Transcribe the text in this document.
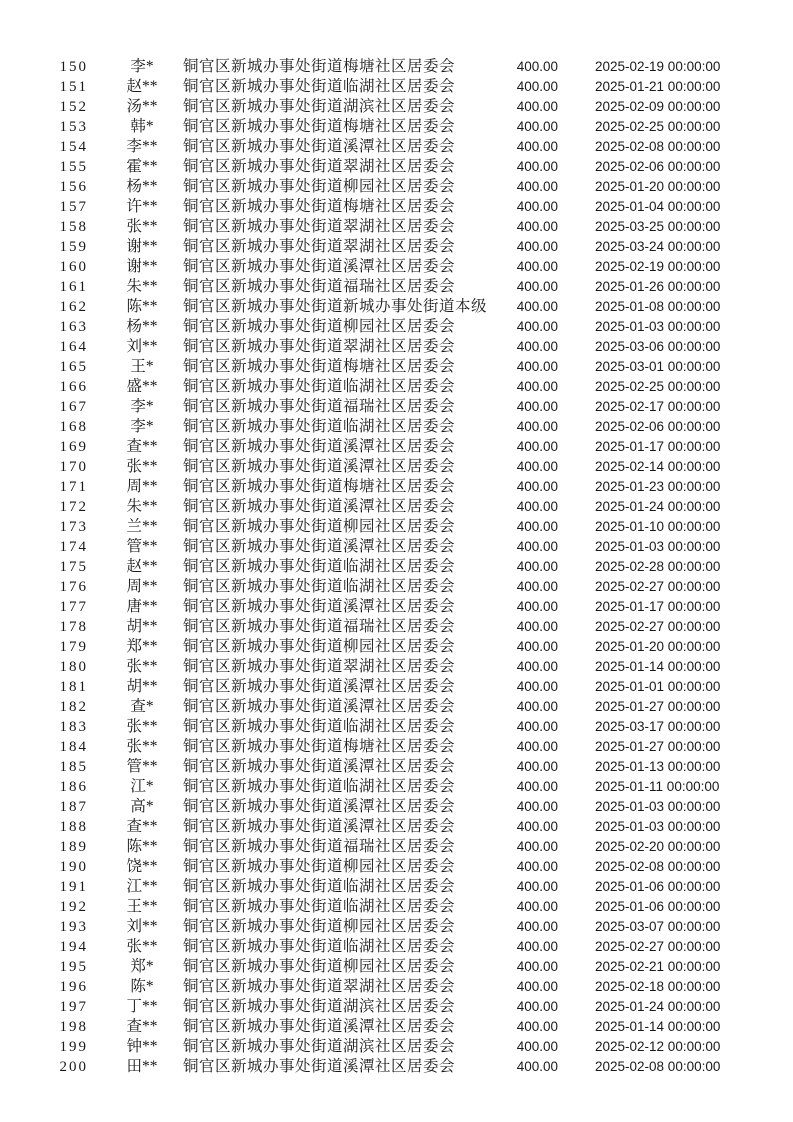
150	李*	铜官区新城办事处街道梅塘社区居委会	400.00	2025-02-19 00:00:00
151	赵**	铜官区新城办事处街道临湖社区居委会	400.00	2025-01-21 00:00:00
152	汤**	铜官区新城办事处街道湖滨社区居委会	400.00	2025-02-09 00:00:00
153	韩*	铜官区新城办事处街道梅塘社区居委会	400.00	2025-02-25 00:00:00
154	李**	铜官区新城办事处街道溪潭社区居委会	400.00	2025-02-08 00:00:00
155	霍**	铜官区新城办事处街道翠湖社区居委会	400.00	2025-02-06 00:00:00
156	杨**	铜官区新城办事处街道柳园社区居委会	400.00	2025-01-20 00:00:00
157	许**	铜官区新城办事处街道梅塘社区居委会	400.00	2025-01-04 00:00:00
158	张**	铜官区新城办事处街道翠湖社区居委会	400.00	2025-03-25 00:00:00
159	谢**	铜官区新城办事处街道翠湖社区居委会	400.00	2025-03-24 00:00:00
160	谢**	铜官区新城办事处街道溪潭社区居委会	400.00	2025-02-19 00:00:00
161	朱**	铜官区新城办事处街道福瑞社区居委会	400.00	2025-01-26 00:00:00
162	陈**	铜官区新城办事处街道新城办事处街道本级	400.00	2025-01-08 00:00:00
163	杨**	铜官区新城办事处街道柳园社区居委会	400.00	2025-01-03 00:00:00
164	刘**	铜官区新城办事处街道翠湖社区居委会	400.00	2025-03-06 00:00:00
165	王*	铜官区新城办事处街道梅塘社区居委会	400.00	2025-03-01 00:00:00
166	盛**	铜官区新城办事处街道临湖社区居委会	400.00	2025-02-25 00:00:00
167	李*	铜官区新城办事处街道福瑞社区居委会	400.00	2025-02-17 00:00:00
168	李*	铜官区新城办事处街道临湖社区居委会	400.00	2025-02-06 00:00:00
169	查**	铜官区新城办事处街道溪潭社区居委会	400.00	2025-01-17 00:00:00
170	张**	铜官区新城办事处街道溪潭社区居委会	400.00	2025-02-14 00:00:00
171	周**	铜官区新城办事处街道梅塘社区居委会	400.00	2025-01-23 00:00:00
172	朱**	铜官区新城办事处街道溪潭社区居委会	400.00	2025-01-24 00:00:00
173	兰**	铜官区新城办事处街道柳园社区居委会	400.00	2025-01-10 00:00:00
174	管**	铜官区新城办事处街道溪潭社区居委会	400.00	2025-01-03 00:00:00
175	赵**	铜官区新城办事处街道临湖社区居委会	400.00	2025-02-28 00:00:00
176	周**	铜官区新城办事处街道临湖社区居委会	400.00	2025-02-27 00:00:00
177	唐**	铜官区新城办事处街道溪潭社区居委会	400.00	2025-01-17 00:00:00
178	胡**	铜官区新城办事处街道福瑞社区居委会	400.00	2025-02-27 00:00:00
179	郑**	铜官区新城办事处街道柳园社区居委会	400.00	2025-01-20 00:00:00
180	张**	铜官区新城办事处街道翠湖社区居委会	400.00	2025-01-14 00:00:00
181	胡**	铜官区新城办事处街道溪潭社区居委会	400.00	2025-01-01 00:00:00
182	查*	铜官区新城办事处街道溪潭社区居委会	400.00	2025-01-27 00:00:00
183	张**	铜官区新城办事处街道临湖社区居委会	400.00	2025-03-17 00:00:00
184	张**	铜官区新城办事处街道梅塘社区居委会	400.00	2025-01-27 00:00:00
185	管**	铜官区新城办事处街道溪潭社区居委会	400.00	2025-01-13 00:00:00
186	江*	铜官区新城办事处街道临湖社区居委会	400.00	2025-01-11 00:00:00
187	高*	铜官区新城办事处街道溪潭社区居委会	400.00	2025-01-03 00:00:00
188	查**	铜官区新城办事处街道溪潭社区居委会	400.00	2025-01-03 00:00:00
189	陈**	铜官区新城办事处街道福瑞社区居委会	400.00	2025-02-20 00:00:00
190	饶**	铜官区新城办事处街道柳园社区居委会	400.00	2025-02-08 00:00:00
191	江**	铜官区新城办事处街道临湖社区居委会	400.00	2025-01-06 00:00:00
192	王**	铜官区新城办事处街道临湖社区居委会	400.00	2025-01-06 00:00:00
193	刘**	铜官区新城办事处街道柳园社区居委会	400.00	2025-03-07 00:00:00
194	张**	铜官区新城办事处街道临湖社区居委会	400.00	2025-02-27 00:00:00
195	郑*	铜官区新城办事处街道柳园社区居委会	400.00	2025-02-21 00:00:00
196	陈*	铜官区新城办事处街道翠湖社区居委会	400.00	2025-02-18 00:00:00
197	丁**	铜官区新城办事处街道湖滨社区居委会	400.00	2025-01-24 00:00:00
198	查**	铜官区新城办事处街道溪潭社区居委会	400.00	2025-01-14 00:00:00
199	钟**	铜官区新城办事处街道湖滨社区居委会	400.00	2025-02-12 00:00:00
200	田**	铜官区新城办事处街道溪潭社区居委会	400.00	2025-02-08 00:00:00
